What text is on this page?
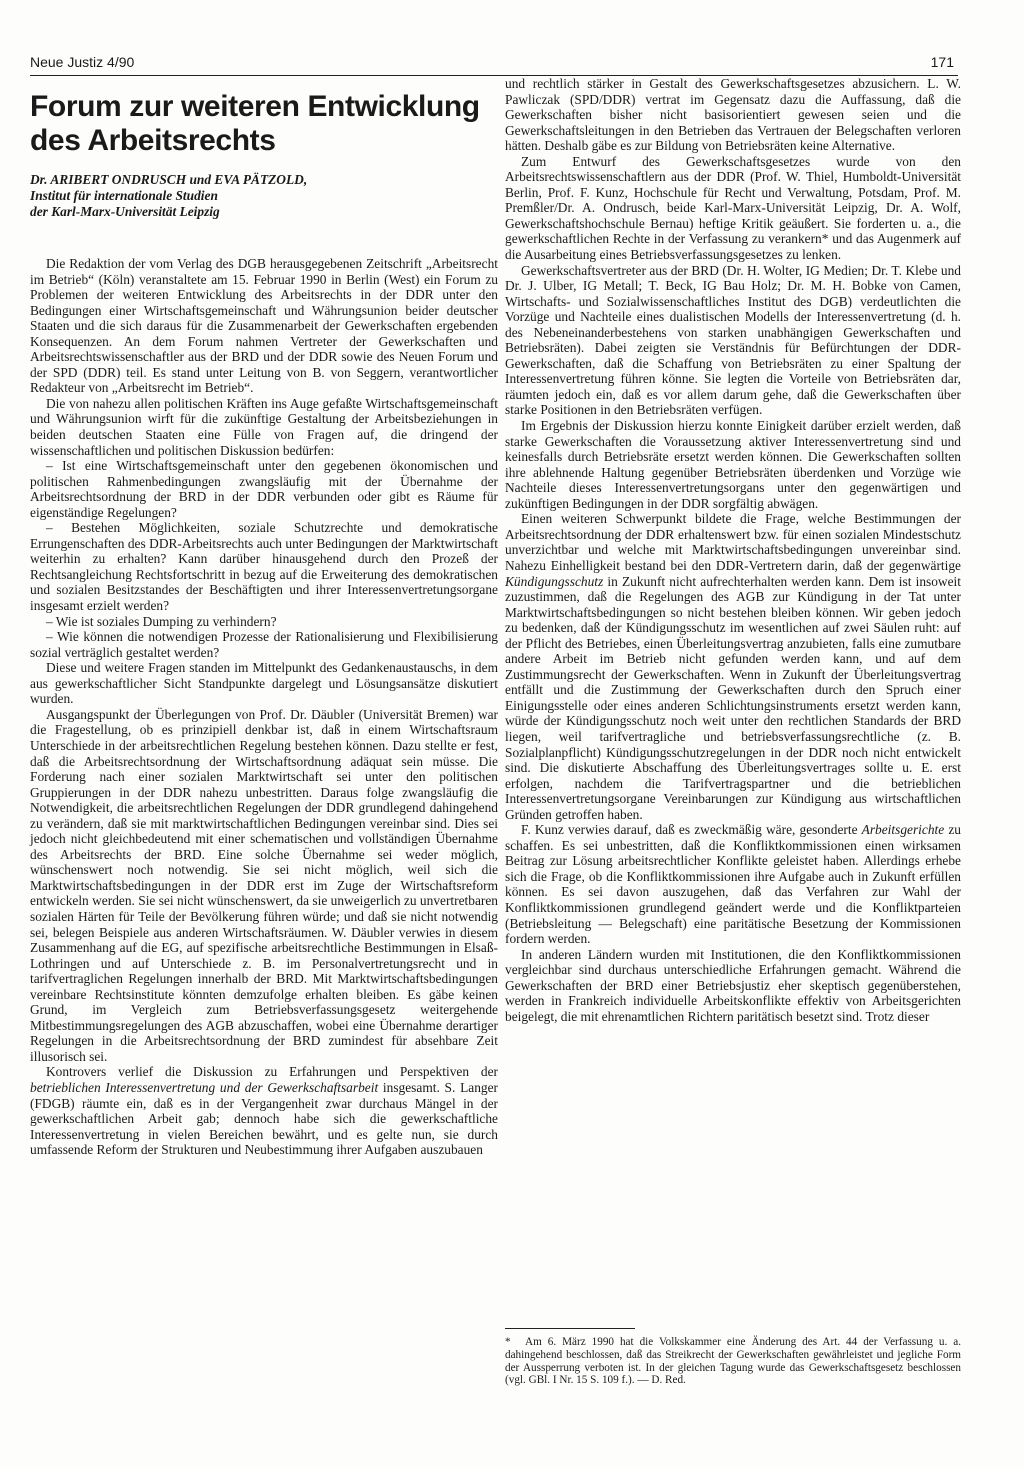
Neue Justiz 4/90	171
Forum zur weiteren Entwicklung
des Arbeitsrechts
Dr. ARIBERT ONDRUSCH und EVA PÄTZOLD,
Institut für internationale Studien
der Karl-Marx-Universität Leipzig

Die Redaktion der vom Verlag des DGB herausgegebenen Zeitschrift „Arbeitsrecht im Betrieb“ (Köln) veranstaltete am 15. Februar 1990 in Berlin (West) ein Forum zu Problemen der weiteren Entwicklung des Arbeitsrechts in der DDR unter den Bedingungen einer Wirtschaftsgemeinschaft und Währungsunion beider deutscher Staaten und die sich daraus für die Zusammenarbeit der Gewerkschaften ergebenden Konsequenzen. An dem Forum nahmen Vertreter der Gewerkschaften und Arbeitsrechtswissenschaftler aus der BRD und der DDR sowie des Neuen Forum und der SPD (DDR) teil. Es stand unter Leitung von B. von Seggern, verantwortlicher Redakteur von „Arbeitsrecht im Betrieb“.

Die von nahezu allen politischen Kräften ins Auge gefaßte Wirtschaftsgemeinschaft und Währungsunion wirft für die zukünftige Gestaltung der Arbeitsbeziehungen in beiden deutschen Staaten eine Fülle von Fragen auf, die dringend der wissenschaftlichen und politischen Diskussion bedürfen:

– Ist eine Wirtschaftsgemeinschaft unter den gegebenen ökonomischen und politischen Rahmenbedingungen zwangsläufig mit der Übernahme der Arbeitsrechtsordnung der BRD in der DDR verbunden oder gibt es Räume für eigenständige Regelungen?

– Bestehen Möglichkeiten, soziale Schutzrechte und demokratische Errungenschaften des DDR-Arbeitsrechts auch unter Bedingungen der Marktwirtschaft weiterhin zu erhalten? Kann darüber hinausgehend durch den Prozeß der Rechtsangleichung Rechtsfortschritt in bezug auf die Erweiterung des demokratischen und sozialen Besitzstandes der Beschäftigten und ihrer Interessenvertretungsorgane insgesamt erzielt werden?

– Wie ist soziales Dumping zu verhindern?

– Wie können die notwendigen Prozesse der Rationalisierung und Flexibilisierung sozial verträglich gestaltet werden?

Diese und weitere Fragen standen im Mittelpunkt des Gedankenaustauschs, in dem aus gewerkschaftlicher Sicht Standpunkte dargelegt und Lösungsansätze diskutiert wurden.

Ausgangspunkt der Überlegungen von Prof. Dr. Däubler (Universität Bremen) war die Fragestellung, ob es prinzipiell denkbar ist, daß in einem Wirtschaftsraum Unterschiede in der arbeitsrechtlichen Regelung bestehen können. Dazu stellte er fest, daß die Arbeitsrechtsordnung der Wirtschaftsordnung adäquat sein müsse. Die Forderung nach einer sozialen Marktwirtschaft sei unter den politischen Gruppierungen in der DDR nahezu unbestritten. Daraus folge zwangsläufig die Notwendigkeit, die arbeitsrechtlichen Regelungen der DDR grundlegend dahingehend zu verändern, daß sie mit marktwirtschaftlichen Bedingungen vereinbar sind. Dies sei jedoch nicht gleichbedeutend mit einer schematischen und vollständigen Übernahme des Arbeitsrechts der BRD. Eine solche Übernahme sei weder möglich, wünschenswert noch notwendig. Sie sei nicht möglich, weil sich die Marktwirtschaftsbedingungen in der DDR erst im Zuge der Wirtschaftsreform entwickeln werden. Sie sei nicht wünschenswert, da sie unweigerlich zu unvertretbaren sozialen Härten für Teile der Bevölkerung führen würde; und daß sie nicht notwendig sei, belegen Beispiele aus anderen Wirtschaftsräumen. W. Däubler verwies in diesem Zusammenhang auf die EG, auf spezifische arbeitsrechtliche Bestimmungen in Elsaß-Lothringen und auf Unterschiede z. B. im Personalvertretungsrecht und in tarifvertraglichen Regelungen innerhalb der BRD. Mit Marktwirtschaftsbedingungen vereinbare Rechtsinstitute könnten demzufolge erhalten bleiben. Es gäbe keinen Grund, im Vergleich zum Betriebsverfassungsgesetz weitergehende Mitbestimmungsregelungen des AGB abzuschaffen, wobei eine Übernahme derartiger Regelungen in die Arbeitsrechtsordnung der BRD zumindest für absehbare Zeit illusorisch sei.

Kontrovers verlief die Diskussion zu Erfahrungen und Perspektiven der betrieblichen Interessenvertretung und der Gewerkschaftsarbeit insgesamt. S. Langer (FDGB) räumte ein, daß es in der Vergangenheit zwar durchaus Mängel in der gewerkschaftlichen Arbeit gab; dennoch habe sich die gewerkschaftliche Interessenvertretung in vielen Bereichen bewährt, und es gelte nun, sie durch umfassende Reform der Strukturen und Neubestimmung ihrer Aufgaben auszubauen

und rechtlich stärker in Gestalt des Gewerkschaftsgesetzes abzusichern. L. W. Pawliczak (SPD/DDR) vertrat im Gegensatz dazu die Auffassung, daß die Gewerkschaften bisher nicht basisorientiert gewesen seien und die Gewerkschaftsleitungen in den Betrieben das Vertrauen der Belegschaften verloren hätten. Deshalb gäbe es zur Bildung von Betriebsräten keine Alternative.

Zum Entwurf des Gewerkschaftsgesetzes wurde von den Arbeitsrechtswissenschaftlern aus der DDR (Prof. W. Thiel, Humboldt-Universität Berlin, Prof. F. Kunz, Hochschule für Recht und Verwaltung, Potsdam, Prof. M. Premßler/Dr. A. Ondrusch, beide Karl-Marx-Universität Leipzig, Dr. A. Wolf, Gewerkschaftshochschule Bernau) heftige Kritik geäußert. Sie forderten u. a., die gewerkschaftlichen Rechte in der Verfassung zu verankern* und das Augenmerk auf die Ausarbeitung eines Betriebsverfassungsgesetzes zu lenken.

Gewerkschaftsvertreter aus der BRD (Dr. H. Wolter, IG Medien; Dr. T. Klebe und Dr. J. Ulber, IG Metall; T. Beck, IG Bau Holz; Dr. M. H. Bobke von Camen, Wirtschafts- und Sozialwissenschaftliches Institut des DGB) verdeutlichten die Vorzüge und Nachteile eines dualistischen Modells der Interessenvertretung (d. h. des Nebeneinanderbestehens von starken unabhängigen Gewerkschaften und Betriebsräten). Dabei zeigten sie Verständnis für Befürchtungen der DDR-Gewerkschaften, daß die Schaffung von Betriebsräten zu einer Spaltung der Interessenvertretung führen könne. Sie legten die Vorteile von Betriebsräten dar, räumten jedoch ein, daß es vor allem darum gehe, daß die Gewerkschaften über starke Positionen in den Betriebsräten verfügen.

Im Ergebnis der Diskussion hierzu konnte Einigkeit darüber erzielt werden, daß starke Gewerkschaften die Voraussetzung aktiver Interessenvertretung sind und keinesfalls durch Betriebsräte ersetzt werden können. Die Gewerkschaften sollten ihre ablehnende Haltung gegenüber Betriebsräten überdenken und Vorzüge wie Nachteile dieses Interessenvertretungsorgans unter den gegenwärtigen und zukünftigen Bedingungen in der DDR sorgfältig abwägen.

Einen weiteren Schwerpunkt bildete die Frage, welche Bestimmungen der Arbeitsrechtsordnung der DDR erhaltenswert bzw. für einen sozialen Mindestschutz unverzichtbar und welche mit Marktwirtschaftsbedingungen unvereinbar sind. Nahezu Einhelligkeit bestand bei den DDR-Vertretern darin, daß der gegenwärtige Kündigungsschutz in Zukunft nicht aufrechterhalten werden kann. Dem ist insoweit zuzustimmen, daß die Regelungen des AGB zur Kündigung in der Tat unter Marktwirtschaftsbedingungen so nicht bestehen bleiben können. Wir geben jedoch zu bedenken, daß der Kündigungsschutz im wesentlichen auf zwei Säulen ruht: auf der Pflicht des Betriebes, einen Überleitungsvertrag anzubieten, falls eine zumutbare andere Arbeit im Betrieb nicht gefunden werden kann, und auf dem Zustimmungsrecht der Gewerkschaften. Wenn in Zukunft der Überleitungsvertrag entfällt und die Zustimmung der Gewerkschaften durch den Spruch einer Einigungsstelle oder eines anderen Schlichtungsinstruments ersetzt werden kann, würde der Kündigungsschutz noch weit unter den rechtlichen Standards der BRD liegen, weil tarifvertragliche und betriebsverfassungsrechtliche (z. B. Sozialplanpflicht) Kündigungsschutzregelungen in der DDR noch nicht entwickelt sind. Die diskutierte Abschaffung des Überleitungsvertrages sollte u. E. erst erfolgen, nachdem die Tarifvertragspartner und die betrieblichen Interessenvertretungsorgane Vereinbarungen zur Kündigung aus wirtschaftlichen Gründen getroffen haben.

F. Kunz verwies darauf, daß es zweckmäßig wäre, gesonderte Arbeitsgerichte zu schaffen. Es sei unbestritten, daß die Konfliktkommissionen einen wirksamen Beitrag zur Lösung arbeitsrechtlicher Konflikte geleistet haben. Allerdings erhebe sich die Frage, ob die Konfliktkommissionen ihre Aufgabe auch in Zukunft erfüllen können. Es sei davon auszugehen, daß das Verfahren zur Wahl der Konfliktkommissionen grundlegend geändert werde und die Konfliktparteien (Betriebsleitung — Belegschaft) eine paritätische Besetzung der Kommissionen fordern werden.

In anderen Ländern wurden mit Institutionen, die den Konfliktkommissionen vergleichbar sind durchaus unterschiedliche Erfahrungen gemacht. Während die Gewerkschaften der BRD einer Betriebsjustiz eher skeptisch gegenüberstehen, werden in Frankreich individuelle Arbeitskonflikte effektiv von Arbeitsgerichten beigelegt, die mit ehrenamtlichen Richtern paritätisch besetzt sind. Trotz dieser

* Am 6. März 1990 hat die Volkskammer eine Änderung des Art. 44 der Verfassung u. a. dahingehend beschlossen, daß das Streikrecht der Gewerkschaften gewährleistet und jegliche Form der Aussperrung verboten ist. In der gleichen Tagung wurde das Gewerkschaftsgesetz beschlossen (vgl. GBl. I Nr. 15 S. 109 f.). — D. Red.
